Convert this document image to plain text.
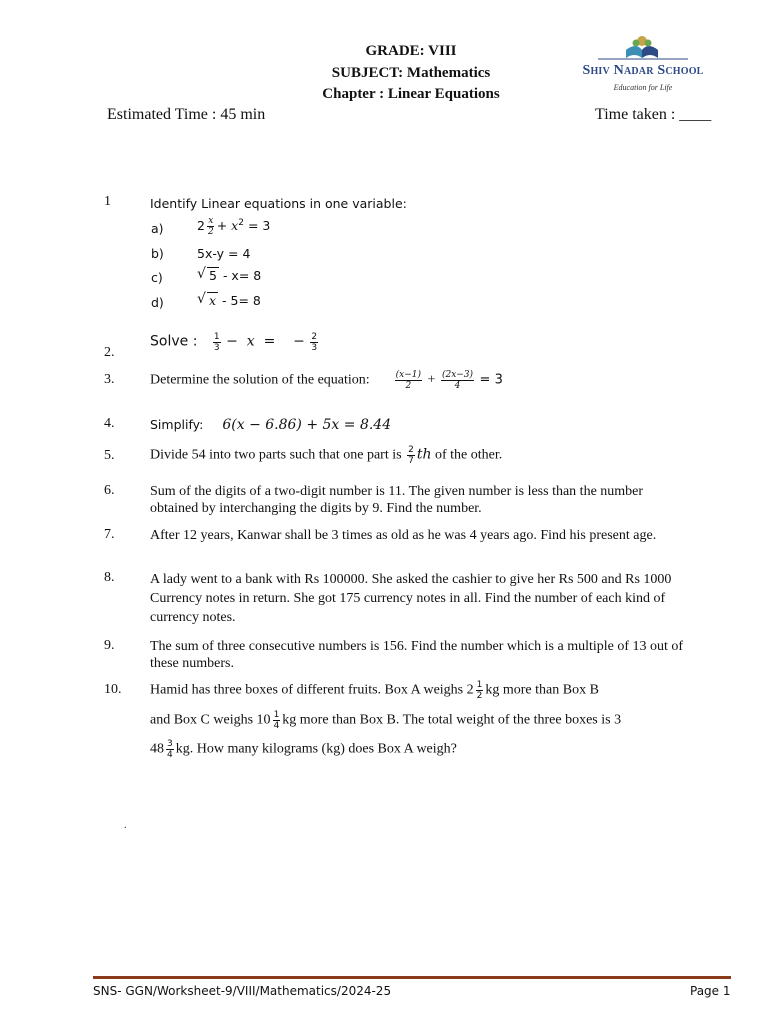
GRADE: VIII
SUBJECT: Mathematics
Chapter : Linear Equations
Estimated Time : 45 min	Time taken : ____
Shiv Nadar School
Education for Life
1	Identify Linear equations in one variable:
a)	$2 \frac{x}{2} + x^2 = 3$
b)	5x-y = 4
c)	√ 5 - x= 8
d)	√ x - 5= 8
2.
Solve : $\frac{1}{3} - x$  =    − $\frac{2}{3}$
3.	Determine the solution of the equation:	$\frac{(x-1)}{2} + \frac{(2x-3)}{4} = 3$
4.	Simplify: 6(x − 6.86) + 5x = 8.44
5.	Divide 54 into two parts such that one part is $\frac{2}{7}$ th of the other.
6.	Sum of the digits of a two-digit number is 11. The given number is less than the number obtained by interchanging the digits by 9. Find the number.
7.	After 12 years, Kanwar shall be 3 times as old as he was 4 years ago. Find his present age.
8.	A lady went to a bank with Rs 100000. She asked the cashier to give her Rs 500 and Rs 1000 Currency notes in return. She got 175 currency notes in all. Find the number of each kind of currency notes.
9.	The sum of three consecutive numbers is 156. Find the number which is a multiple of 13 out of these numbers.
10. Hamid has three boxes of different fruits. Box A weighs $2 \frac{1}{2}$ kg more than Box B
and Box C weighs $10 \frac{1}{4}$ kg more than Box B. The total weight of the three boxes is 3
$48 \frac{3}{4}$ kg. How many kilograms (kg) does Box A weigh?
.
SNS- GGN/Worksheet-9/VIII/Mathematics/2024-25	Page 1
